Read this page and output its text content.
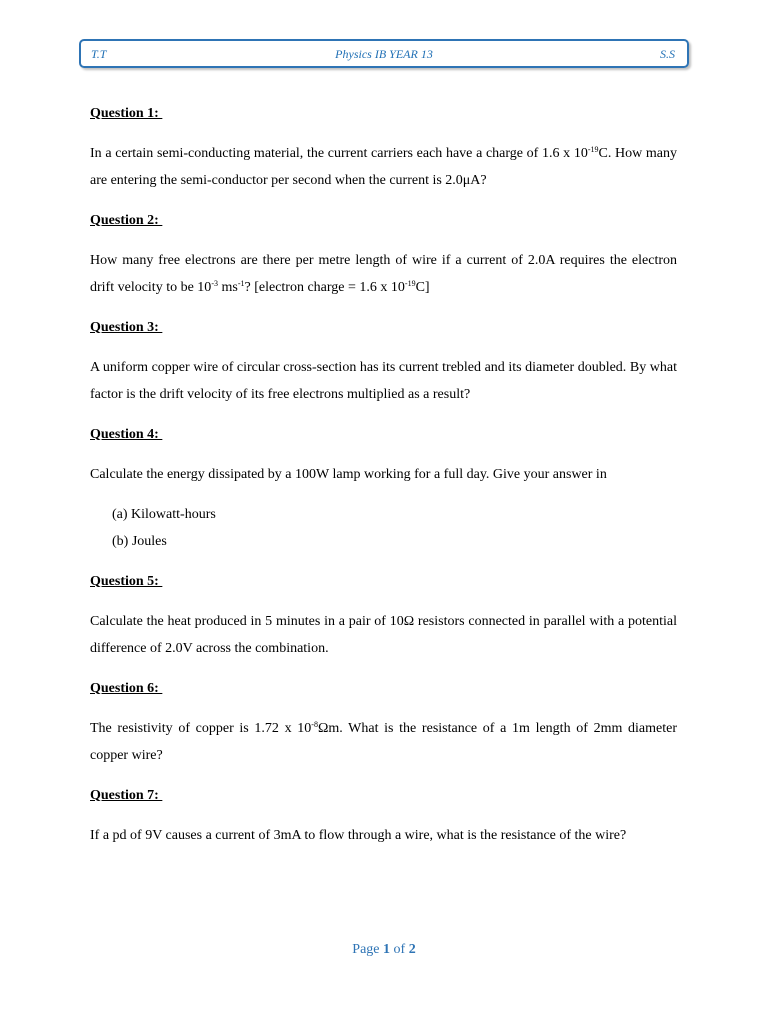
T.T	Physics IB YEAR 13	S.S

Question 1:

In a certain semi-conducting material, the current carriers each have a charge of 1.6 x $10^{-19}C$. How many are entering the semi-conductor per second when the current is 2.0μA?

Question 2:

How many free electrons are there per metre length of wire if a current of 2.0A requires the electron drift velocity to be $10^{-3}$ $ms^{-1}$? [electron charge = 1.6 x $10^{-19}C$]

Question 3:

A uniform copper wire of circular cross-section has its current trebled and its diameter doubled. By what factor is the drift velocity of its free electrons multiplied as a result?

Question 4:

Calculate the energy dissipated by a 100W lamp working for a full day. Give your answer in

(a) Kilowatt-hours
(b) Joules

Question 5:

Calculate the heat produced in 5 minutes in a pair of 10Ω resistors connected in parallel with a potential difference of 2.0V across the combination.

Question 6:

The resistivity of copper is 1.72 x $10^{-8}\Omega m$. What is the resistance of a 1m length of 2mm diameter copper wire?

Question 7:

If a pd of 9V causes a current of 3mA to flow through a wire, what is the resistance of the wire?

Page 1 of 2
